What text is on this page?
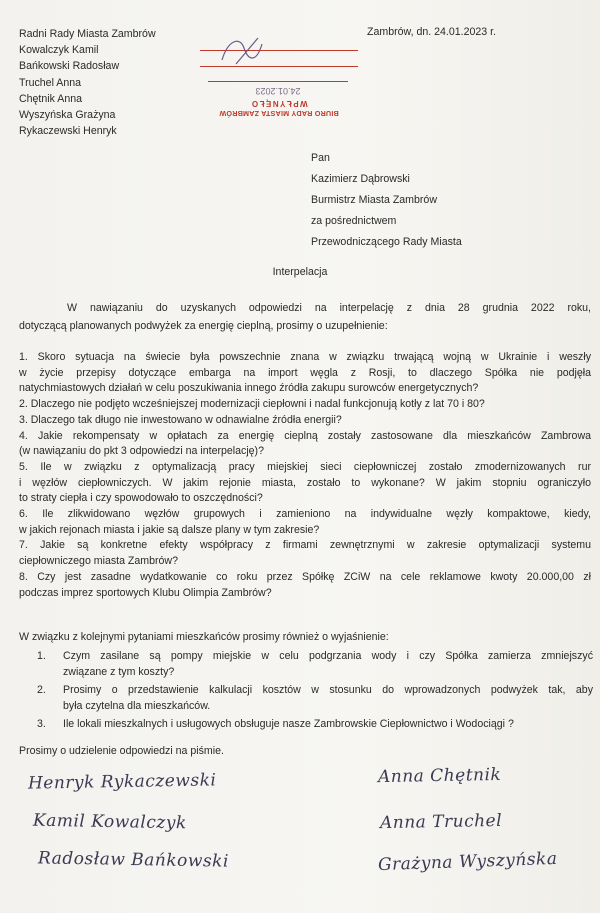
Radni Rady Miasta Zambrów
Kowalczyk Kamil
Bańkowski Radosław
Truchel Anna
Chętnik Anna
Wyszyńska Grażyna
Rykaczewski Henryk
Zambrów, dn. 24.01.2023 r.
BIURO RADY MIASTA ZAMBRÓW
WPŁYNĘŁO
24.01.2023
Pan
Kazimierz Dąbrowski
Burmistrz Miasta Zambrów
za pośrednictwem
Przewodniczącego Rady Miasta
Interpelacja
W nawiązaniu do uzyskanych odpowiedzi na interpelację z dnia 28 grudnia 2022 roku,
dotyczącą planowanych podwyżek za energię cieplną, prosimy o uzupełnienie:
1. Skoro sytuacja na świecie była powszechnie znana w związku trwającą wojną w Ukrainie i weszły
w życie przepisy dotyczące embarga na import węgla z Rosji, to dlaczego Spółka nie podjęła
natychmiastowych działań w celu poszukiwania innego źródła zakupu surowców energetycznych?
2. Dlaczego nie podjęto wcześniejszej modernizacji ciepłowni i nadal funkcjonują kotły z lat 70 i 80?
3. Dlaczego tak długo nie inwestowano w odnawialne źródła energii?
4. Jakie rekompensaty w opłatach za energię cieplną zostały zastosowane dla mieszkańców Zambrowa
(w nawiązaniu do pkt 3 odpowiedzi na interpelację)?
5. Ile w związku z optymalizacją pracy miejskiej sieci ciepłowniczej zostało zmodernizowanych rur
i węzłów ciepłowniczych. W jakim rejonie miasta, zostało to wykonane? W jakim stopniu ograniczyło
to straty ciepła i czy spowodowało to oszczędności?
6. Ile zlikwidowano węzłów grupowych i zamieniono na indywidualne węzły kompaktowe, kiedy,
w jakich rejonach miasta i jakie są dalsze plany w tym zakresie?
7. Jakie są konkretne efekty współpracy z firmami zewnętrznymi w zakresie optymalizacji systemu
ciepłowniczego miasta Zambrów?
8. Czy jest zasadne wydatkowanie co roku przez Spółkę ZCiW na cele reklamowe kwoty 20.000,00 zł
podczas imprez sportowych Klubu Olimpia Zambrów?
W związku z kolejnymi pytaniami mieszkańców prosimy również o wyjaśnienie:
1. Czym zasilane są pompy miejskie w celu podgrzania wody i czy Spółka zamierza zmniejszyć
związane z tym koszty?
2. Prosimy o przedstawienie kalkulacji kosztów w stosunku do wprowadzonych podwyżek tak, aby
była czytelna dla mieszkańców.
3. Ile lokali mieszkalnych i usługowych obsługuje nasze Zambrowskie Ciepłownictwo i Wodociągi ?
Prosimy o udzielenie odpowiedzi na piśmie.
Henryk Rykaczewski	Anna Chętnik
Kamil Kowalczyk	Anna Truchel
Radosław Bańkowski	Grażyna Wyszyńska
